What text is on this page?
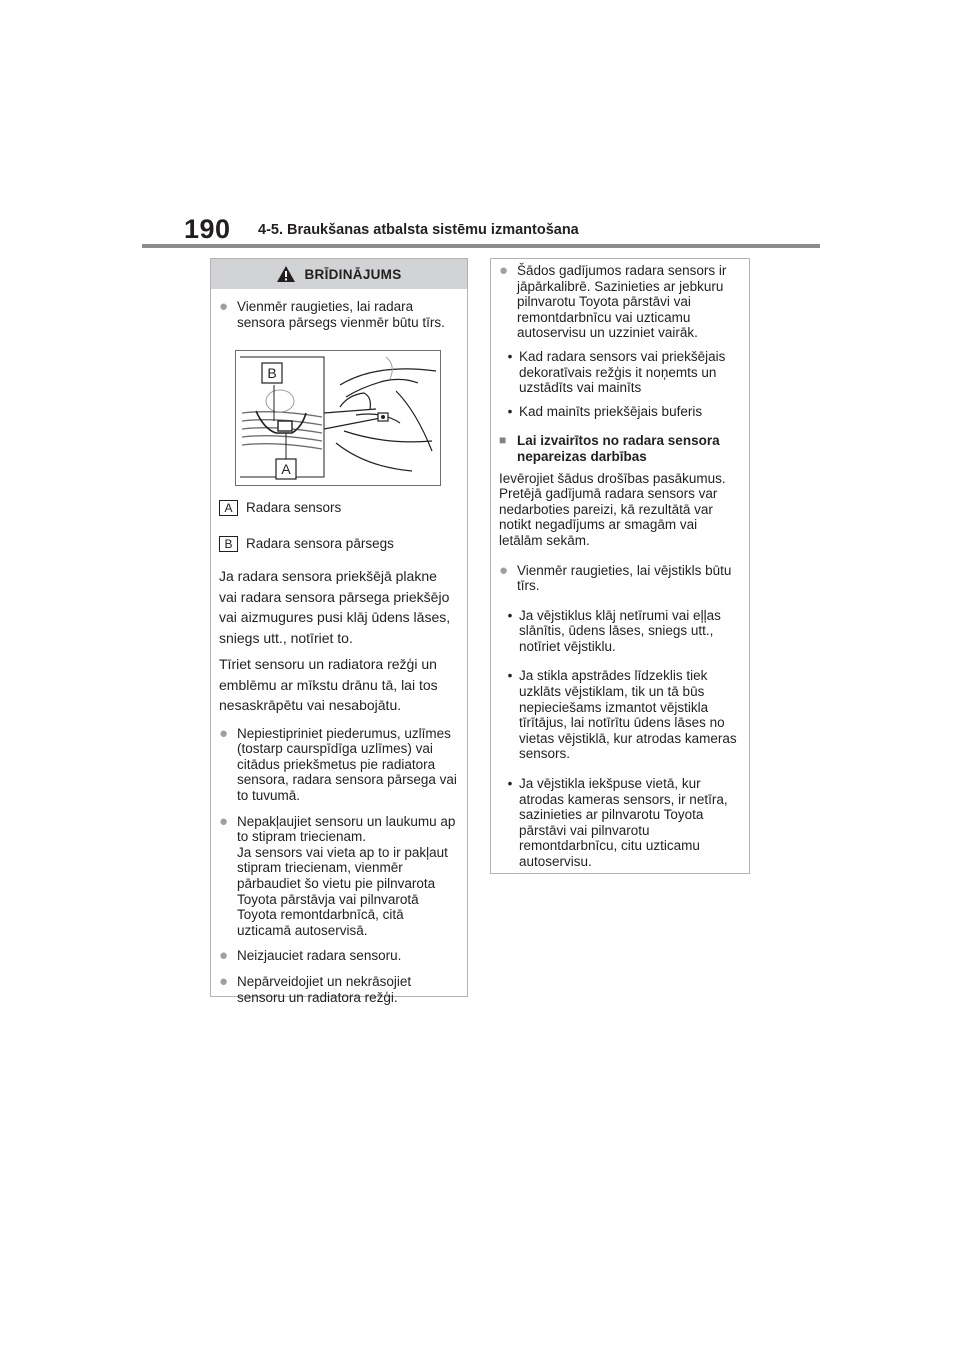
190 4-5. Braukšanas atbalsta sistēmu izmantošana
BRĪDINĀJUMS
● Vienmēr raugieties, lai radara sensora pārsegs vienmēr būtu tīrs.
B
A
A	Radara sensors
B	Radara sensora pārsegs
Ja radara sensora priekšējā plakne vai radara sensora pārsega priekšējo vai aizmugures pusi klāj ūdens lāses, sniegs utt., notīriet to.
Tīriet sensoru un radiatora režģi un emblēmu ar mīkstu drānu tā, lai tos nesaskrāpētu vai nesabojātu.
● Nepiestipriniet piederumus, uzlīmes (tostarp caurspīdīga uzlīmes) vai citādus priekšmetus pie radiatora sensora, radara sensora pārsega vai to tuvumā.
● Nepakļaujiet sensoru un laukumu ap to stipram triecienam.
Ja sensors vai vieta ap to ir pakļaut stipram triecienam, vienmēr pārbaudiet šo vietu pie pilnvarota Toyota pārstāvja vai pilnvarotā Toyota remontdarbnīcā, citā uzticamā autoservisā.
● Neizjauciet radara sensoru.
● Nepārveidojiet un nekrāsojiet sensoru un radiatora režģi.
● Šādos gadījumos radara sensors ir jāpārkalibrē. Sazinieties ar jebkuru pilnvarotu Toyota pārstāvi vai remontdarbnīcu vai uzticamu autoservisu un uzziniet vairāk.
• Kad radara sensors vai priekšējais dekoratīvais režģis it noņemts un uzstādīts vai mainīts
• Kad mainīts priekšējais buferis
■ Lai izvairītos no radara sensora nepareizas darbības
Ievērojiet šādus drošības pasākumus. Pretējā gadījumā radara sensors var nedarboties pareizi, kā rezultātā var notikt negadījums ar smagām vai letālām sekām.
● Vienmēr raugieties, lai vējstikls būtu tīrs.
• Ja vējstiklus klāj netīrumi vai eļļas slānītis, ūdens lāses, sniegs utt., notīriet vējstiklu.
• Ja stikla apstrādes līdzeklis tiek uzklāts vējstiklam, tik un tā būs nepieciešams izmantot vējstikla tīrītājus, lai notīrītu ūdens lāses no vietas vējstiklā, kur atrodas kameras sensors.
• Ja vējstikla iekšpuse vietā, kur atrodas kameras sensors, ir netīra, sazinieties ar pilnvarotu Toyota pārstāvi vai pilnvarotu remontdarbnīcu, citu uzticamu autoservisu.
